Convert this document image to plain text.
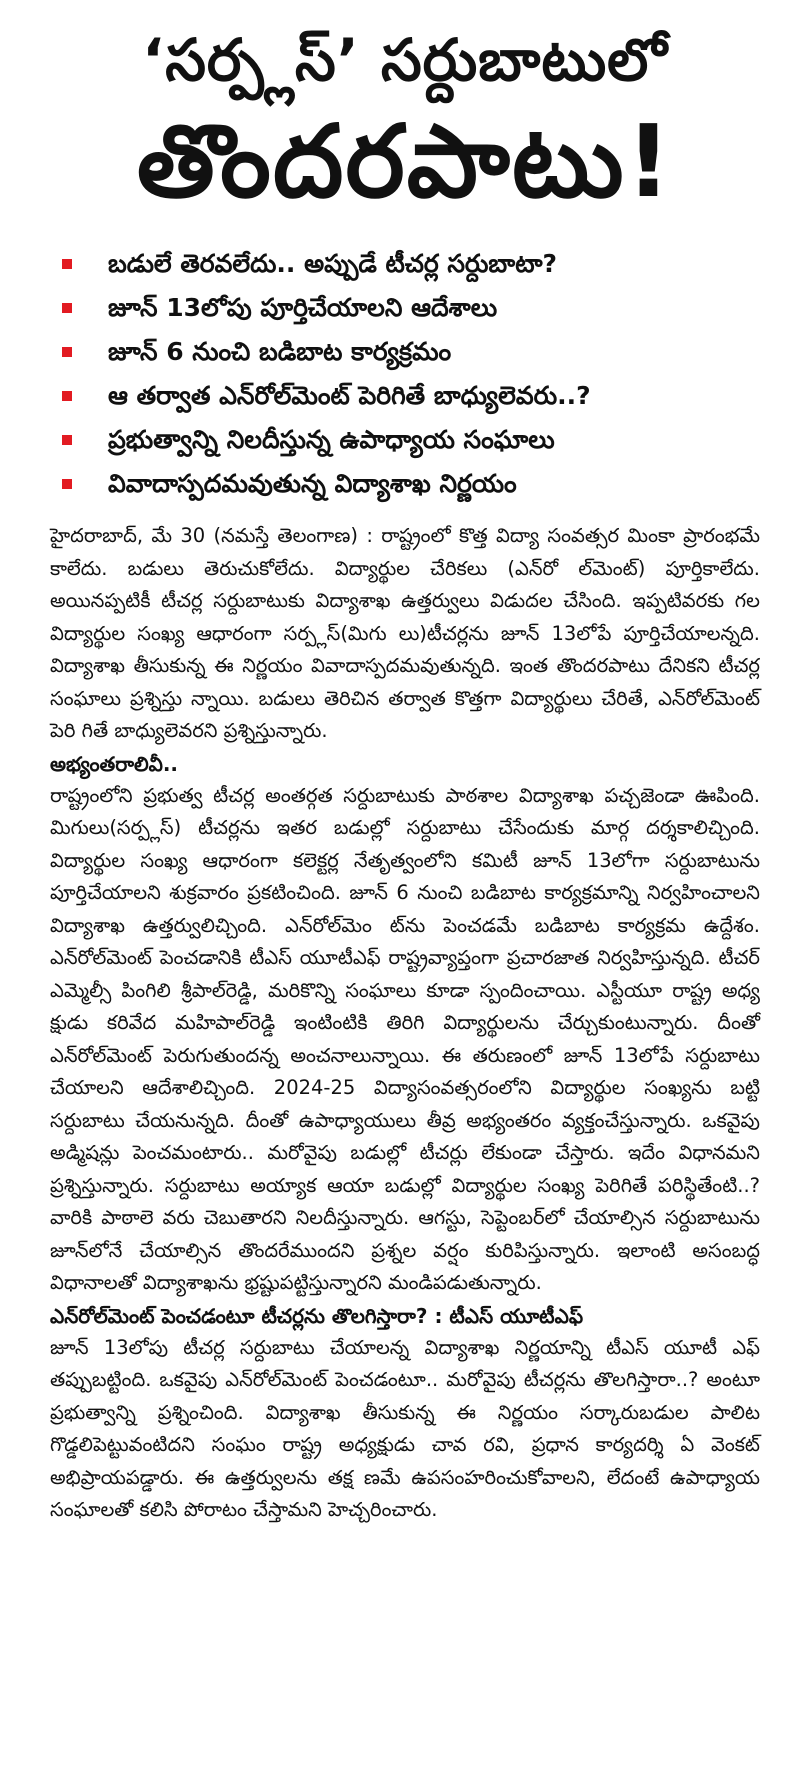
‘సర్ప్లస్’ సర్దుబాటులో
తొందరపాటు!
బడులే తెరవలేదు.. అప్పుడే టీచర్ల సర్దుబాటా?
జూన్ 13లోపు పూర్తిచేయాలని ఆదేశాలు
జూన్ 6 నుంచి బడిబాట కార్యక్రమం
ఆ తర్వాత ఎన్‌రోల్‌మెంట్ పెరిగితే బాధ్యులెవరు..?
ప్రభుత్వాన్ని నిలదీస్తున్న ఉపాధ్యాయ సంఘాలు
వివాదాస్పదమవుతున్న విద్యాశాఖ నిర్ణయం

హైదరాబాద్, మే 30 (నమస్తే తెలంగాణ) : రాష్ట్రంలో కొత్త విద్యా సంవత్సర మింకా ప్రారంభమే కాలేదు. బడులు తెరుచుకోలేదు. విద్యార్థుల చేరికలు (ఎన్‌రో ల్‌మెంట్) పూర్తికాలేదు. అయినప్పటికీ టీచర్ల సర్దుబాటుకు విద్యాశాఖ ఉత్తర్వులు విడుదల చేసింది. ఇప్పటివరకు గల విద్యార్థుల సంఖ్య ఆధారంగా సర్ప్లస్(మిగు లు)టీచర్లను జూన్ 13లోపే పూర్తిచేయాలన్నది. విద్యాశాఖ తీసుకున్న ఈ నిర్ణయం వివాదాస్పదమవుతున్నది. ఇంత తొందరపాటు దేనికని టీచర్ల సంఘాలు ప్రశ్నిస్తు న్నాయి. బడులు తెరిచిన తర్వాత కొత్తగా విద్యార్థులు చేరితే, ఎన్‌రోల్‌మెంట్ పెరి గితే బాధ్యులెవరని ప్రశ్నిస్తున్నారు.

అభ్యంతరాలివీ..

రాష్ట్రంలోని ప్రభుత్వ టీచర్ల అంతర్గత సర్దుబాటుకు పాఠశాల విద్యాశాఖ పచ్చజెండా ఊపింది. మిగులు(సర్ప్లస్) టీచర్లను ఇతర బడుల్లో సర్దుబాటు చేసేందుకు మార్గ దర్శకాలిచ్చింది. విద్యార్థుల సంఖ్య ఆధారంగా కలెక్టర్ల నేతృత్వంలోని కమిటీ జూన్ 13లోగా సర్దుబాటును పూర్తిచేయాలని శుక్రవారం ప్రకటించింది. జూన్ 6 నుంచి బడిబాట కార్యక్రమాన్ని నిర్వహించాలని విద్యాశాఖ ఉత్తర్వులిచ్చింది. ఎన్‌రోల్‌మెం ట్‌ను పెంచడమే బడిబాట కార్యక్రమ ఉద్దేశం. ఎన్‌రోల్‌మెంట్ పెంచడానికి టీఎస్ యూటీఎఫ్ రాష్ట్రవ్యాప్తంగా ప్రచారజాత నిర్వహిస్తున్నది. టీచర్ ఎమ్మెల్సీ పింగిలి శ్రీపాల్‌రెడ్డి, మరికొన్ని సంఘాలు కూడా స్పందించాయి. ఎస్టీయూ రాష్ట్ర అధ్య క్షుడు కరివేద మహిపాల్‌రెడ్డి ఇంటింటికి తిరిగి విద్యార్థులను చేర్చుకుంటున్నారు. దీంతో ఎన్‌రోల్‌మెంట్ పెరుగుతుందన్న అంచనాలున్నాయి. ఈ తరుణంలో జూన్ 13లోపే సర్దుబాటు చేయాలని ఆదేశాలిచ్చింది. 2024-25 విద్యాసంవత్సరంలోని విద్యార్థుల సంఖ్యను బట్టి సర్దుబాటు చేయనున్నది. దీంతో ఉపాధ్యాయులు తీవ్ర అభ్యంతరం వ్యక్తంచేస్తున్నారు. ఒకవైపు అడ్మిషన్లు పెంచమంటారు.. మరోవైపు బడుల్లో టీచర్లు లేకుండా చేస్తారు. ఇదేం విధానమని ప్రశ్నిస్తున్నారు. సర్దుబాటు అయ్యాక ఆయా బడుల్లో విద్యార్థుల సంఖ్య పెరిగితే పరిస్థితేంటి..? వారికి పాఠాలె వరు చెబుతారని నిలదీస్తున్నారు. ఆగస్టు, సెప్టెంబర్‌లో చేయాల్సిన సర్దుబాటును జూన్‌లోనే చేయాల్సిన తొందరేముందని ప్రశ్నల వర్షం కురిపిస్తున్నారు. ఇలాంటి అసంబద్ధ విధానాలతో విద్యాశాఖను భ్రష్టుపట్టిస్తున్నారని మండిపడుతున్నారు.

ఎన్‌రోల్‌మెంట్ పెంచడంటూ టీచర్లను తొలగిస్తారా? : టీఎస్ యూటీఎఫ్

జూన్ 13లోపు టీచర్ల సర్దుబాటు చేయాలన్న విద్యాశాఖ నిర్ణయాన్ని టీఎస్ యూటీ ఎఫ్ తప్పుబట్టింది. ఒకవైపు ఎన్‌రోల్‌మెంట్ పెంచడంటూ.. మరోవైపు టీచర్లను తొలగిస్తారా..? అంటూ ప్రభుత్వాన్ని ప్రశ్నించింది. విద్యాశాఖ తీసుకున్న ఈ నిర్ణయం సర్కారుబడుల పాలిట గొడ్డలిపెట్టువంటిదని సంఘం రాష్ట్ర అధ్యక్షుడు చావ రవి, ప్రధాన కార్యదర్శి ఏ వెంకట్ అభిప్రాయపడ్డారు. ఈ ఉత్తర్వులను తక్ష ణమే ఉపసంహరించుకోవాలని, లేదంటే ఉపాధ్యాయ సంఘాలతో కలిసి పోరాటం చేస్తామని హెచ్చరించారు.
